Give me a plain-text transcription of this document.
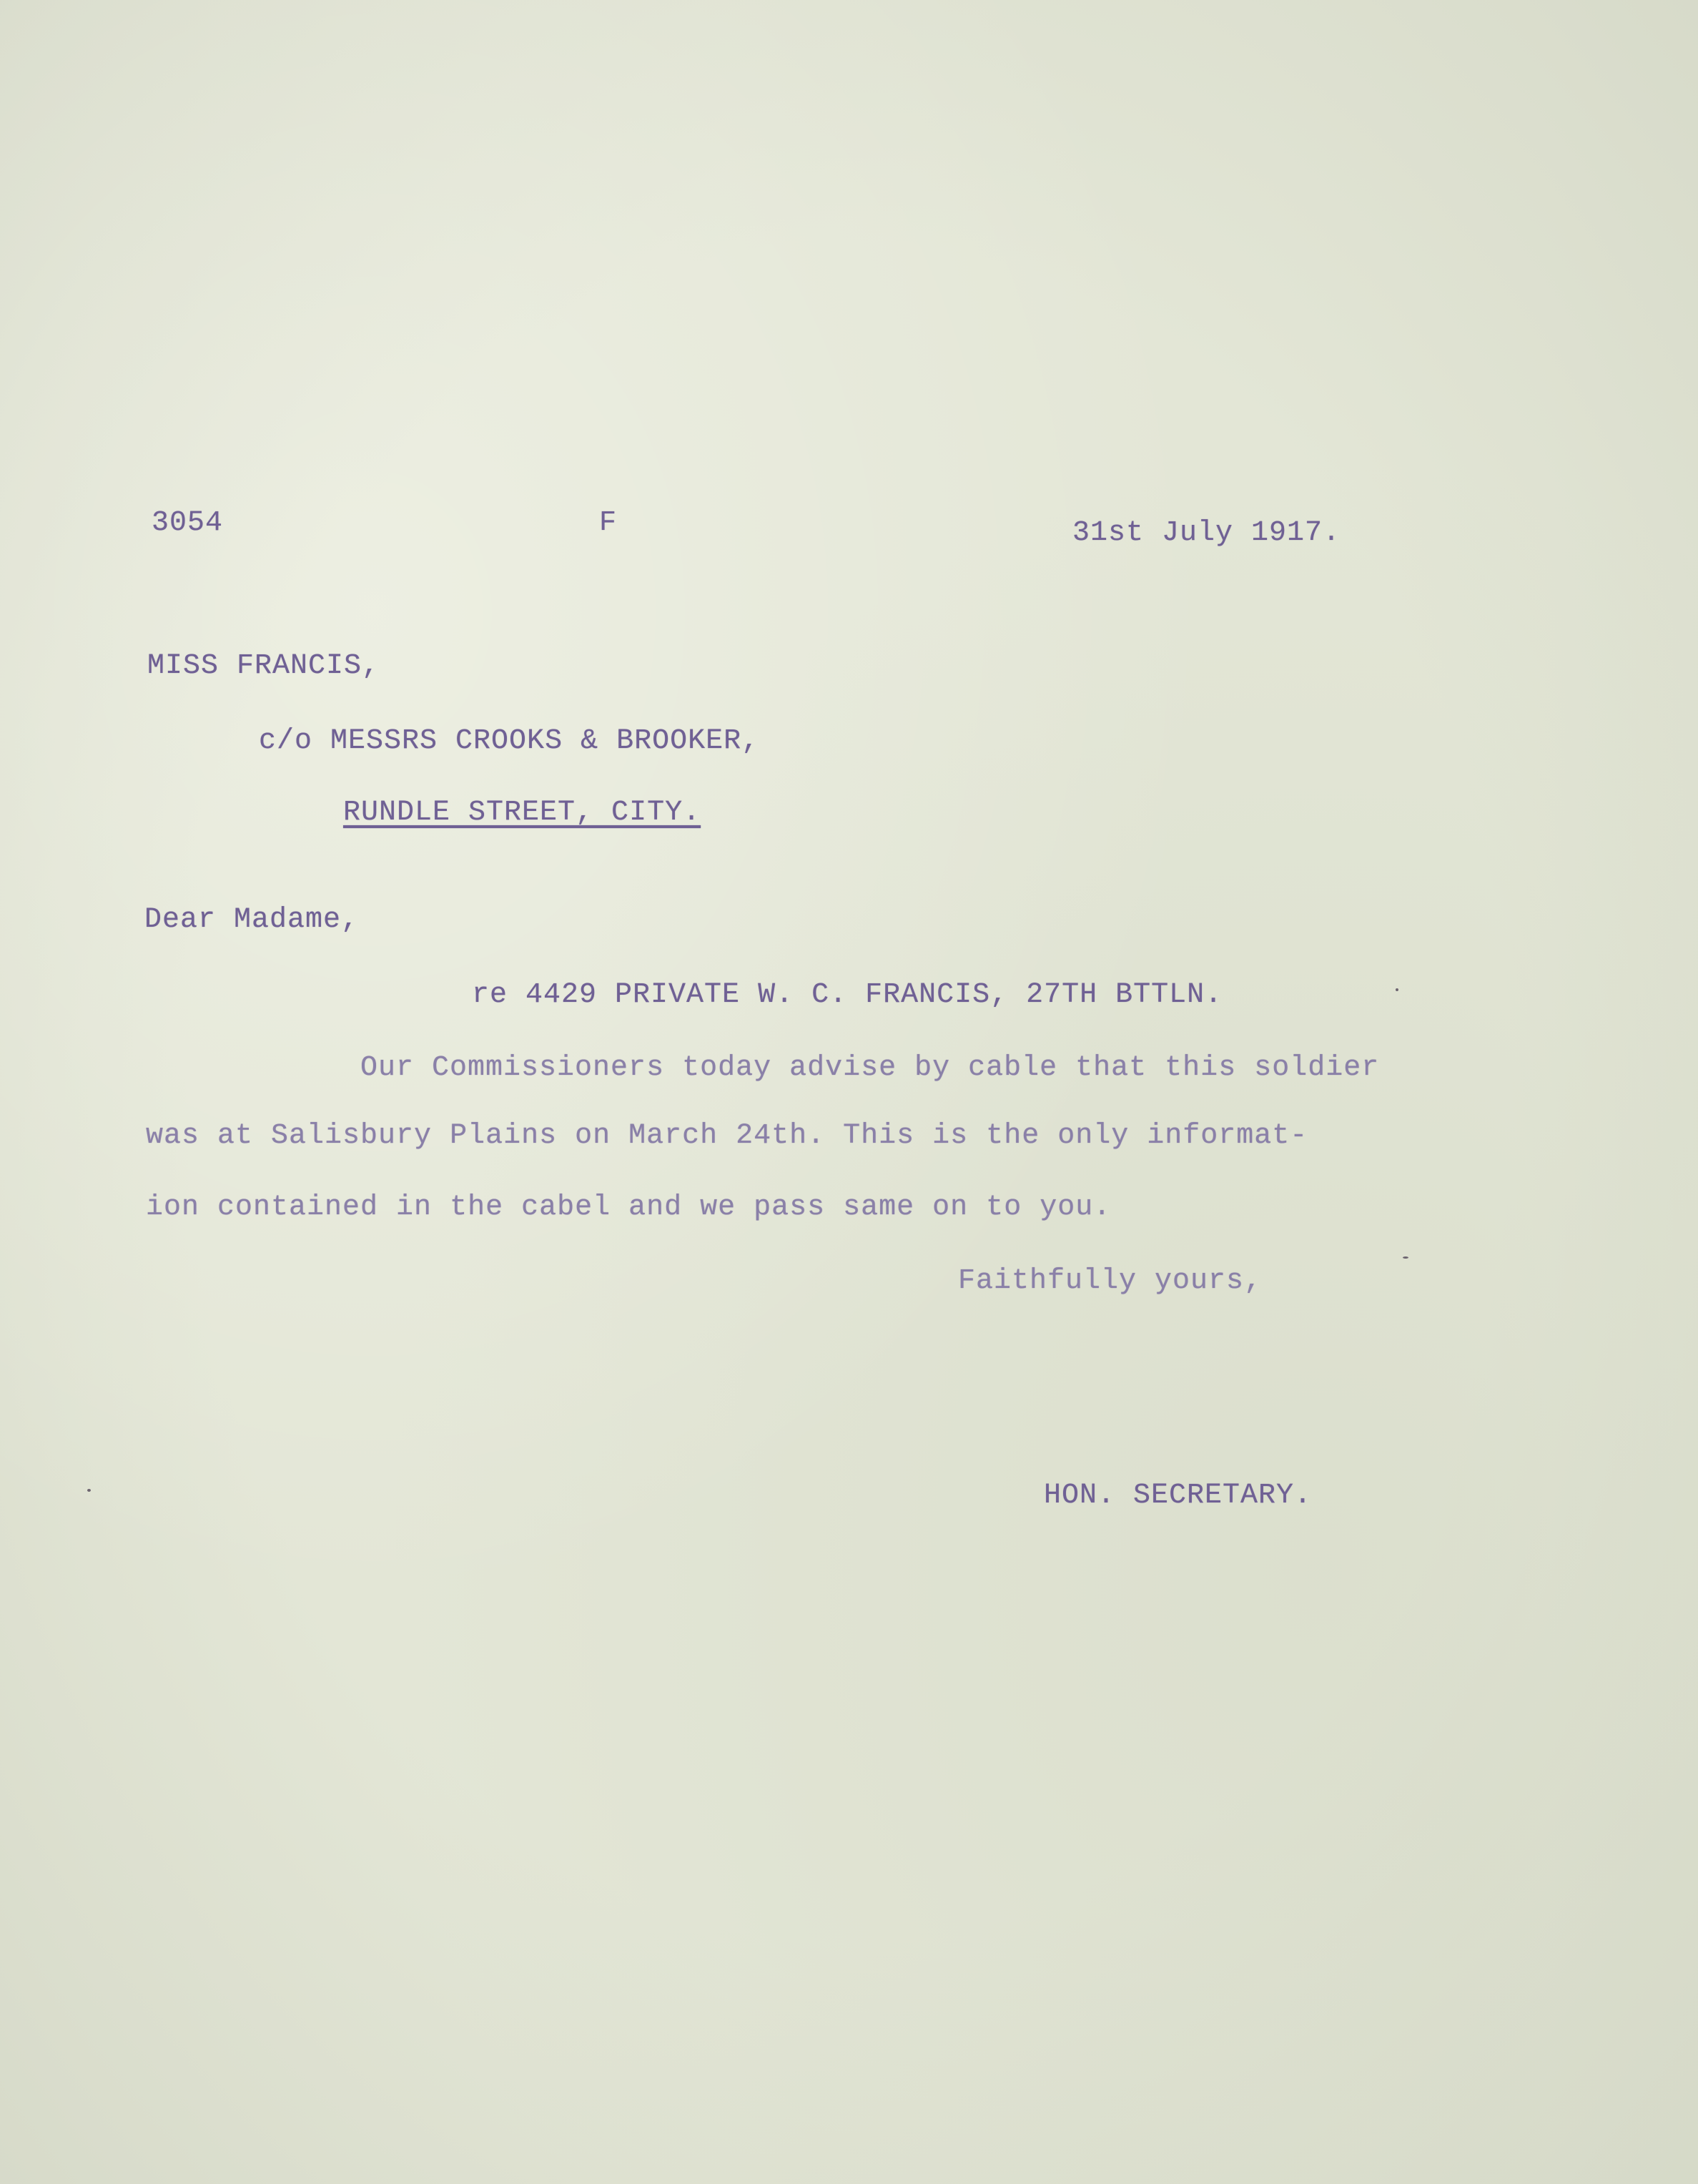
3054	F	31st July 1917.
MISS FRANCIS,
c/o MESSRS CROOKS & BROOKER,
RUNDLE STREET, CITY.
Dear Madame,
re 4429 PRIVATE W. C. FRANCIS, 27TH BTTLN.
Our Commissioners today advise by cable that this soldier
was at Salisbury Plains on March 24th. This is the only informat-
ion contained in the cabel and we pass same on to you.
Faithfully yours,
HON. SECRETARY.
